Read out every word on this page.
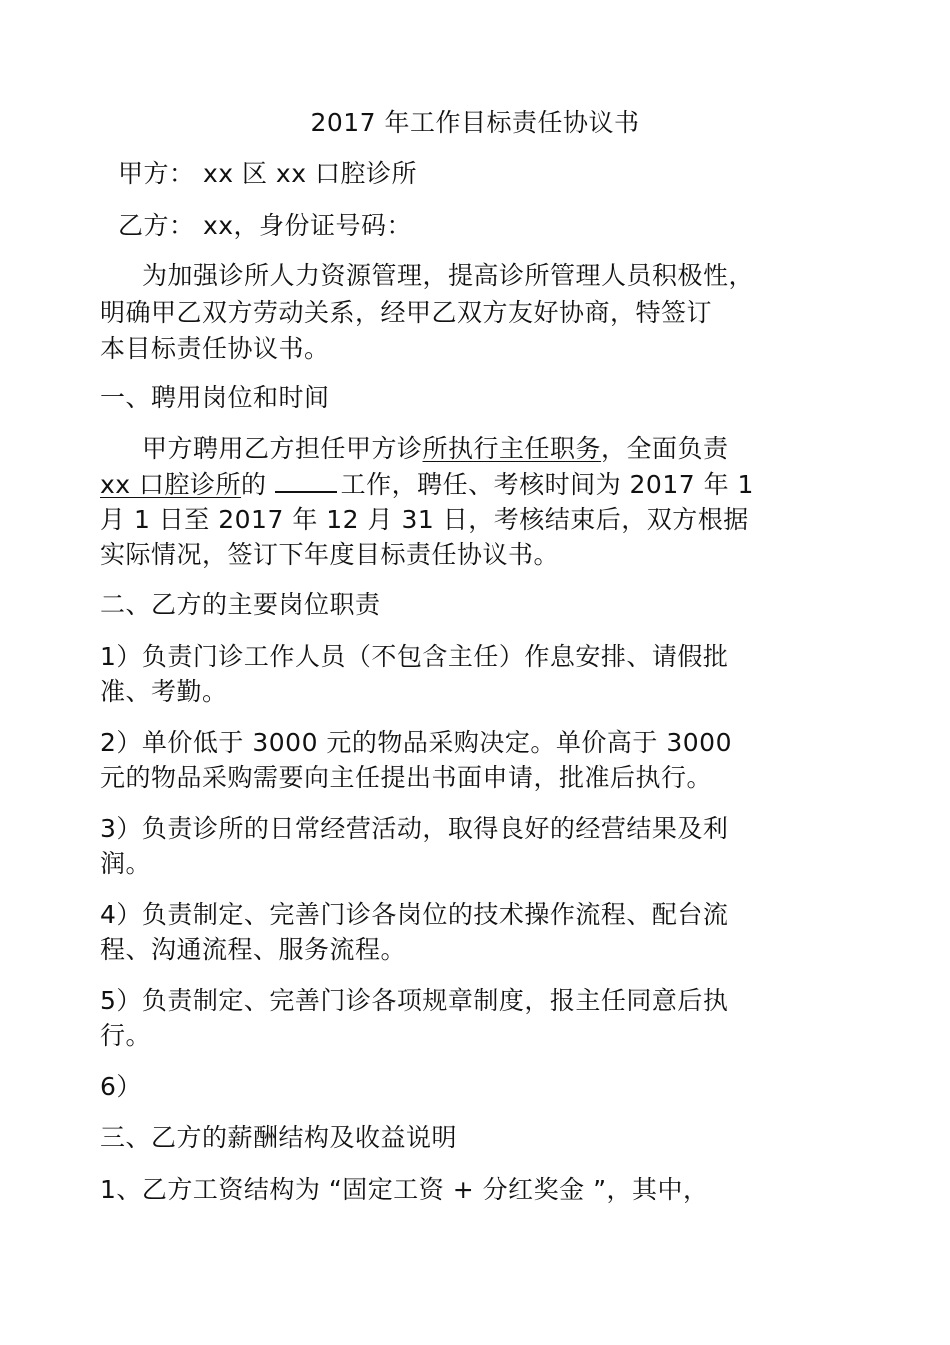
2017 年工作目标责任协议书
甲方： xx 区 xx 口腔诊所
乙方： xx，身份证号码：
为加强诊所人力资源管理，提高诊所管理人员积极性，
明确甲乙双方劳动关系，经甲乙双方友好协商，特签订
本目标责任协议书。
一、聘用岗位和时间
甲方聘用乙方担任甲方诊所执行主任职务，全面负责
xx 口腔诊所的	工作，聘任、考核时间为 2017 年 1
月 1 日至 2017 年 12 月 31 日，考核结束后，双方根据
实际情况，签订下年度目标责任协议书。
二、乙方的主要岗位职责
1）负责门诊工作人员（不包含主任）作息安排、请假批
准、考勤。
2）单价低于 3000 元的物品采购决定。单价高于 3000
元的物品采购需要向主任提出书面申请，批准后执行。
3）负责诊所的日常经营活动，取得良好的经营结果及利
润。
4）负责制定、完善门诊各岗位的技术操作流程、配台流
程、沟通流程、服务流程。
5）负责制定、完善门诊各项规章制度，报主任同意后执
行。
6）
三、乙方的薪酬结构及收益说明
1、乙方工资结构为 “固定工资 + 分红奖金 ”，其中，
